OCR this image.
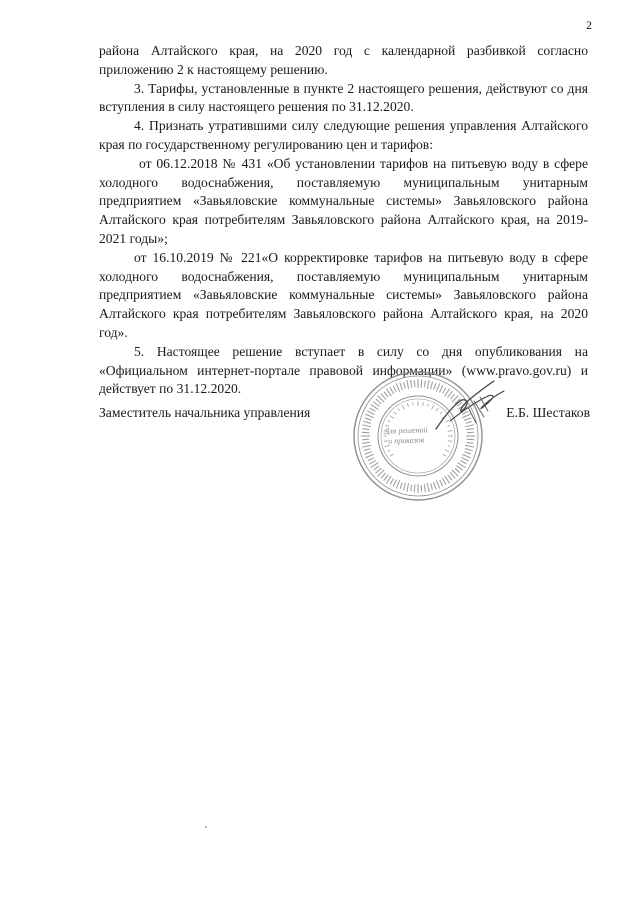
2

района Алтайского края, на 2020 год с календарной разбивкой согласно приложению 2 к настоящему решению.

3. Тарифы, установленные в пункте 2 настоящего решения, действуют со дня вступления в силу настоящего решения по 31.12.2020.

4. Признать утратившими силу следующие решения управления Алтайского края по государственному регулированию цен и тарифов:

от 06.12.2018 № 431 «Об установлении тарифов на питьевую воду в сфере холодного водоснабжения, поставляемую муниципальным унитарным предприятием «Завьяловские коммунальные системы» Завьяловского района Алтайского края потребителям Завьяловского района Алтайского края, на 2019-2021 годы»;

от 16.10.2019 № 221«О корректировке тарифов на питьевую воду в сфере холодного водоснабжения, поставляемую муниципальным унитарным предприятием «Завьяловские коммунальные системы» Завьяловского района Алтайского края потребителям Завьяловского района Алтайского края, на 2020 год».

5. Настоящее решение вступает в силу со дня опубликования на «Официальном интернет-портале правовой информации» (www.pravo.gov.ru) и действует по 31.12.2020.

Для решений
и приказов
Заместитель начальника управления	Е.Б. Шестаков
